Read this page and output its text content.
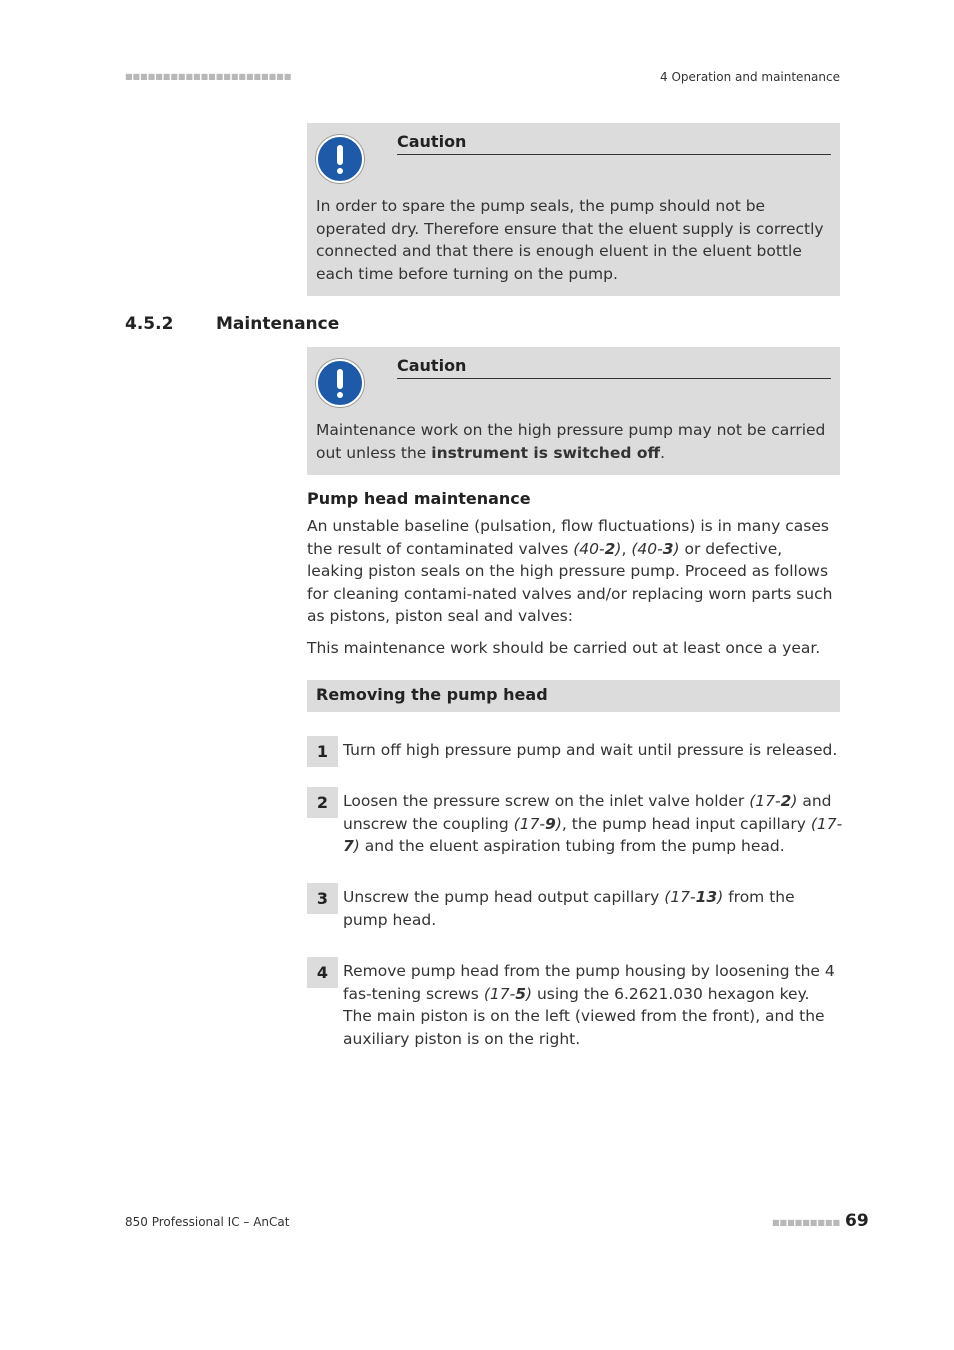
■■■■■■■■■■■■■■■■■■■■■■	4 Operation and maintenance
Caution
In order to spare the pump seals, the pump should not be operated dry. Therefore ensure that the eluent supply is correctly connected and that there is enough eluent in the eluent bottle each time before turning on the pump.
4.5.2	Maintenance
Caution
Maintenance work on the high pressure pump may not be carried out unless the instrument is switched off.
Pump head maintenance
An unstable baseline (pulsation, flow fluctuations) is in many cases the result of contaminated valves (40-2), (40-3) or defective, leaking piston seals on the high pressure pump. Proceed as follows for cleaning contami-nated valves and/or replacing worn parts such as pistons, piston seal and valves:
This maintenance work should be carried out at least once a year.
Removing the pump head
1 Turn off high pressure pump and wait until pressure is released.
2 Loosen the pressure screw on the inlet valve holder (17-2) and unscrew the coupling (17-9), the pump head input capillary (17-7) and the eluent aspiration tubing from the pump head.
3 Unscrew the pump head output capillary (17-13) from the pump head.
4 Remove pump head from the pump housing by loosening the 4 fas-tening screws (17-5) using the 6.2621.030 hexagon key. The main piston is on the left (viewed from the front), and the auxiliary piston is on the right.
850 Professional IC – AnCat	■■■■■■■■■ 69
